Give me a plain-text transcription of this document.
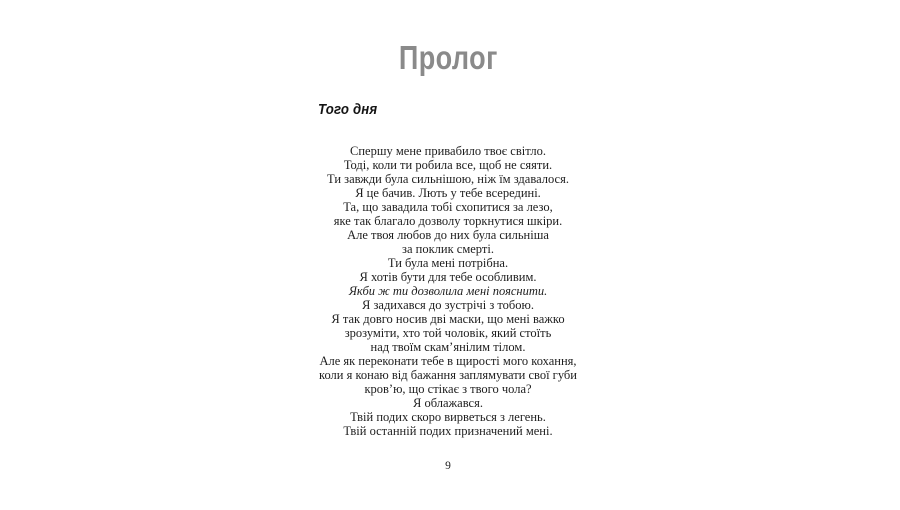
Пролог
Того дня
Спершу мене привабило твоє світло.
Тоді, коли ти робила все, щоб не сяяти.
Ти завжди була сильнішою, ніж їм здавалося.
Я це бачив. Лють у тебе всередині.
Та, що завадила тобі схопитися за лезо,
яке так благало дозволу торкнутися шкіри.
Але твоя любов до них була сильніша
за поклик смерті.
Ти була мені потрібна.
Я хотів бути для тебе особливим.
Якби ж ти дозволила мені пояснити.
Я задихався до зустрічі з тобою.
Я так довго носив дві маски, що мені важко
зрозуміти, хто той чоловік, який стоїть
над твоїм скам’янілим тілом.
Але як переконати тебе в щирості мого кохання,
коли я конаю від бажання заплямувати свої губи
кров’ю, що стікає з твого чола?
Я облажався.
Твій подих скоро вирветься з легень.
Твій останній подих призначений мені.
9
